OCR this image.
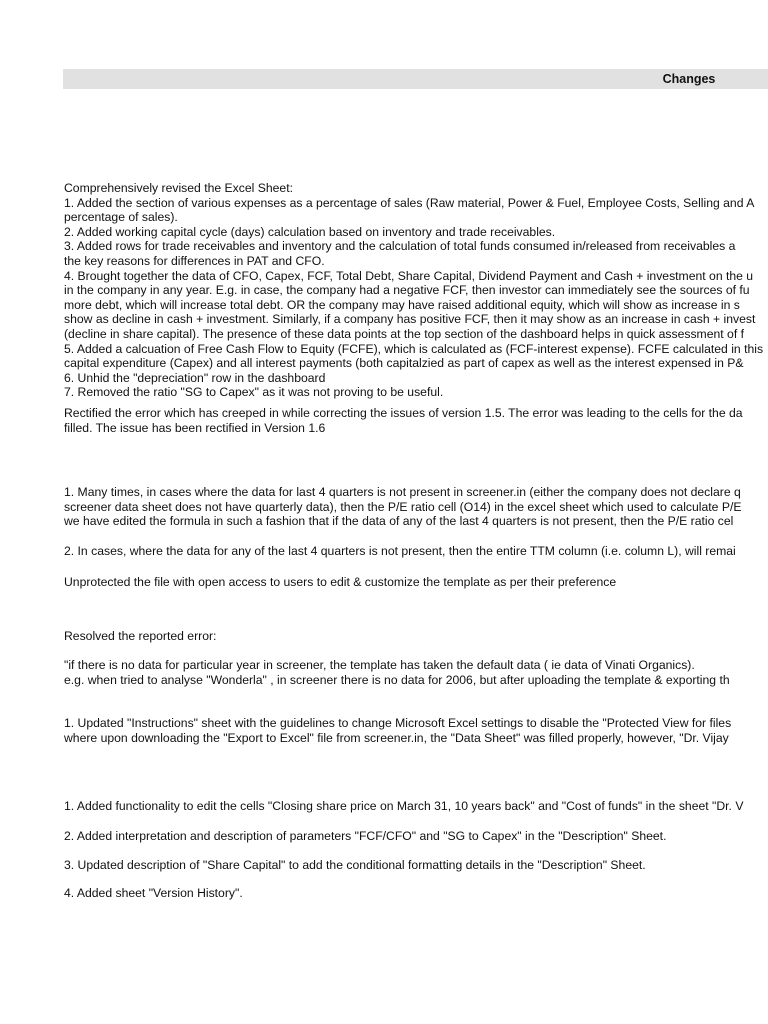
Changes
Comprehensively revised the Excel Sheet:
1. Added the section of various expenses as a percentage of sales (Raw material, Power & Fuel, Employee Costs, Selling and A
percentage of sales).
2. Added working capital cycle (days) calculation based on inventory and trade receivables.
3. Added rows for trade receivables and inventory and the calculation of total funds consumed in/released from receivables a
the key reasons for differences in PAT and CFO.
4. Brought together the data of CFO, Capex, FCF, Total Debt, Share Capital, Dividend Payment and Cash + investment on the u
in the company in any year. E.g. in case, the company had a negative FCF, then investor can immediately see the sources of fu
more debt, which will increase total debt. OR the company may have raised additional equity, which will show as increase in s
show as decline in cash + investment. Similarly, if a company has positive FCF, then it may show as an increase in cash + invest
(decline in share capital). The presence of these data points at the top section of the dashboard helps in quick assessment of f
5. Added a calcuation of Free Cash Flow to Equity (FCFE), which is calculated as (FCF-interest expense). FCFE calculated in this
capital expenditure (Capex) and all interest payments (both capitalzied as part of capex as well as the interest expensed in P&
6. Unhid the "depreciation" row in the dashboard
7. Removed the ratio "SG to Capex" as it was not proving to be useful.
Rectified the error which has creeped in while correcting the issues of version 1.5. The error was leading to the cells for the da
filled. The issue has been rectified in Version 1.6
1. Many times, in cases where the data for last 4 quarters is not present in screener.in (either the company does not declare q
screener data sheet does not have quarterly data), then the P/E ratio cell (O14) in the excel sheet which used to calculate P/E
we have edited the formula in such a fashion that if the data of any of the last 4 quarters is not present, then the P/E ratio cel
2. In cases, where the data for any of the last 4 quarters is not present, then the entire TTM column (i.e. column L), will remai
Unprotected the file with open access to users to edit & customize the template as per their preference
Resolved the reported error:
"if there is no data for particular year in screener, the template has taken the default data ( ie data of Vinati Organics).
e.g. when tried to analyse "Wonderla" , in screener there is no data for 2006, but after uploading the template & exporting th
1. Updated "Instructions" sheet with the guidelines to change Microsoft Excel settings to disable the "Protected View for files
where upon downloading the "Export to Excel" file from screener.in, the "Data Sheet" was filled properly, however, "Dr. Vijay
1. Added functionality to edit the cells "Closing share price on March 31, 10 years back" and "Cost of funds" in the sheet "Dr. V
2. Added interpretation and description of parameters "FCF/CFO" and "SG to Capex" in the "Description" Sheet.
3. Updated description of "Share Capital" to add the conditional formatting details in the "Description" Sheet.
4. Added sheet "Version History".
